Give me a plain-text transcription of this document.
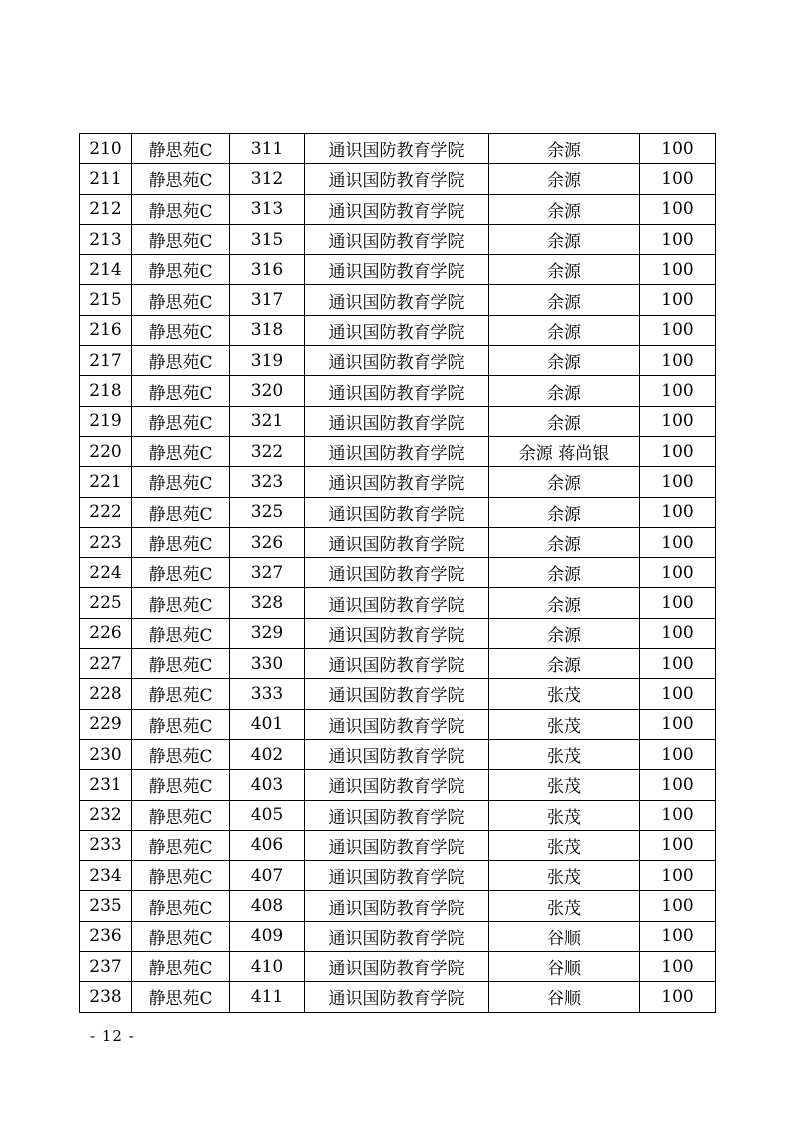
210	静思苑C	311	通识国防教育学院	余源	100
211	静思苑C	312	通识国防教育学院	余源	100
212	静思苑C	313	通识国防教育学院	余源	100
213	静思苑C	315	通识国防教育学院	余源	100
214	静思苑C	316	通识国防教育学院	余源	100
215	静思苑C	317	通识国防教育学院	余源	100
216	静思苑C	318	通识国防教育学院	余源	100
217	静思苑C	319	通识国防教育学院	余源	100
218	静思苑C	320	通识国防教育学院	余源	100
219	静思苑C	321	通识国防教育学院	余源	100
220	静思苑C	322	通识国防教育学院	余源 蒋尚银	100
221	静思苑C	323	通识国防教育学院	余源	100
222	静思苑C	325	通识国防教育学院	余源	100
223	静思苑C	326	通识国防教育学院	余源	100
224	静思苑C	327	通识国防教育学院	余源	100
225	静思苑C	328	通识国防教育学院	余源	100
226	静思苑C	329	通识国防教育学院	余源	100
227	静思苑C	330	通识国防教育学院	余源	100
228	静思苑C	333	通识国防教育学院	张茂	100
229	静思苑C	401	通识国防教育学院	张茂	100
230	静思苑C	402	通识国防教育学院	张茂	100
231	静思苑C	403	通识国防教育学院	张茂	100
232	静思苑C	405	通识国防教育学院	张茂	100
233	静思苑C	406	通识国防教育学院	张茂	100
234	静思苑C	407	通识国防教育学院	张茂	100
235	静思苑C	408	通识国防教育学院	张茂	100
236	静思苑C	409	通识国防教育学院	谷顺	100
237	静思苑C	410	通识国防教育学院	谷顺	100
238	静思苑C	411	通识国防教育学院	谷顺	100
- 12 -
